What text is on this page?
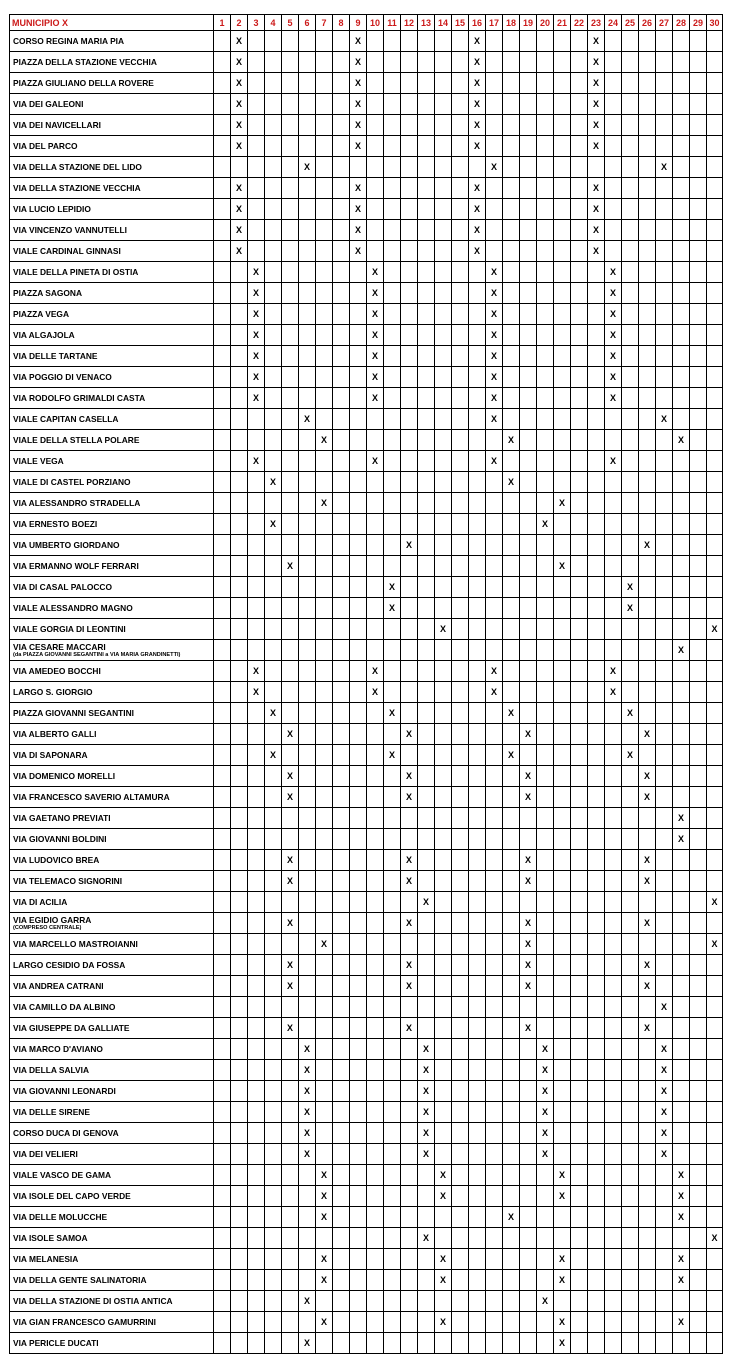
MUNICIPIO X	1	2	3	4	5	6	7	8	9	10	11	12	13	14	15	16	17	18	19	20	21	22	23	24	25	26	27	28	29	30
CORSO REGINA MARIA PIA		X							X							X							X							
PIAZZA DELLA STAZIONE VECCHIA		X							X							X							X							
PIAZZA GIULIANO DELLA ROVERE		X							X							X							X							
VIA DEI GALEONI		X							X							X							X							
VIA DEI NAVICELLARI		X							X							X							X							
VIA DEL PARCO		X							X							X							X							
VIA DELLA STAZIONE DEL LIDO						X											X										X			
VIA DELLA STAZIONE VECCHIA		X							X							X							X							
VIA LUCIO LEPIDIO		X							X							X							X							
VIA VINCENZO VANNUTELLI		X							X							X							X							
VIALE CARDINAL GINNASI		X							X							X							X							
VIALE DELLA PINETA DI OSTIA			X							X							X							X						
PIAZZA SAGONA			X							X							X							X						
PIAZZA VEGA			X							X							X							X						
VIA ALGAJOLA			X							X							X							X						
VIA DELLE TARTANE			X							X							X							X						
VIA POGGIO DI VENACO			X							X							X							X						
VIA RODOLFO GRIMALDI CASTA			X							X							X							X						
VIALE CAPITAN CASELLA						X											X										X			
VIALE DELLA STELLA POLARE							X											X										X		
VIALE VEGA			X							X							X							X						
VIALE DI CASTEL PORZIANO				X														X												
VIA ALESSANDRO STRADELLA							X														X									
VIA ERNESTO BOEZI				X																X										
VIA UMBERTO GIORDANO												X														X				
VIA ERMANNO WOLF FERRARI					X																X									
VIA DI CASAL PALOCCO											X														X					
VIALE ALESSANDRO MAGNO											X														X					
VIALE GORGIA DI LEONTINI														X																X
VIA CESARE MACCARI
(da PIAZZA GIOVANNI SEGANTINI a VIA MARIA GRANDINETTI)																												X		
VIA AMEDEO BOCCHI			X							X							X							X						
LARGO S. GIORGIO			X							X							X							X						
PIAZZA GIOVANNI SEGANTINI				X							X							X							X					
VIA ALBERTO GALLI					X							X							X							X				
VIA DI SAPONARA				X							X							X							X					
VIA DOMENICO MORELLI					X							X							X							X				
VIA FRANCESCO SAVERIO ALTAMURA					X							X							X							X				
VIA GAETANO PREVIATI																												X		
VIA GIOVANNI BOLDINI																												X		
VIA LUDOVICO BREA					X							X							X							X				
VIA TELEMACO SIGNORINI					X							X							X							X				
VIA DI ACILIA													X																	X
VIA EGIDIO GARRA
(COMPRESO CENTRALE)					X							X							X							X				
VIA MARCELLO MASTROIANNI							X												X											X
LARGO CESIDIO DA FOSSA					X							X							X							X				
VIA ANDREA CATRANI					X							X							X							X				
VIA CAMILLO DA ALBINO																											X			
VIA GIUSEPPE DA GALLIATE					X							X							X							X				
VIA MARCO D'AVIANO						X							X							X							X			
VIA DELLA SALVIA						X							X							X							X			
VIA GIOVANNI LEONARDI						X							X							X							X			
VIA DELLE SIRENE						X							X							X							X			
CORSO DUCA DI GENOVA						X							X							X							X			
VIA DEI VELIERI						X							X							X							X			
VIALE VASCO DE GAMA							X							X							X							X		
VIA ISOLE DEL CAPO VERDE							X							X							X							X		
VIA DELLE MOLUCCHE							X											X										X		
VIA ISOLE SAMOA													X																	X
VIA MELANESIA							X							X							X							X		
VIA DELLA GENTE SALINATORIA							X							X							X							X		
VIA DELLA STAZIONE DI OSTIA ANTICA						X														X										
VIA GIAN FRANCESCO GAMURRINI							X							X							X							X		
VIA PERICLE DUCATI						X															X									
